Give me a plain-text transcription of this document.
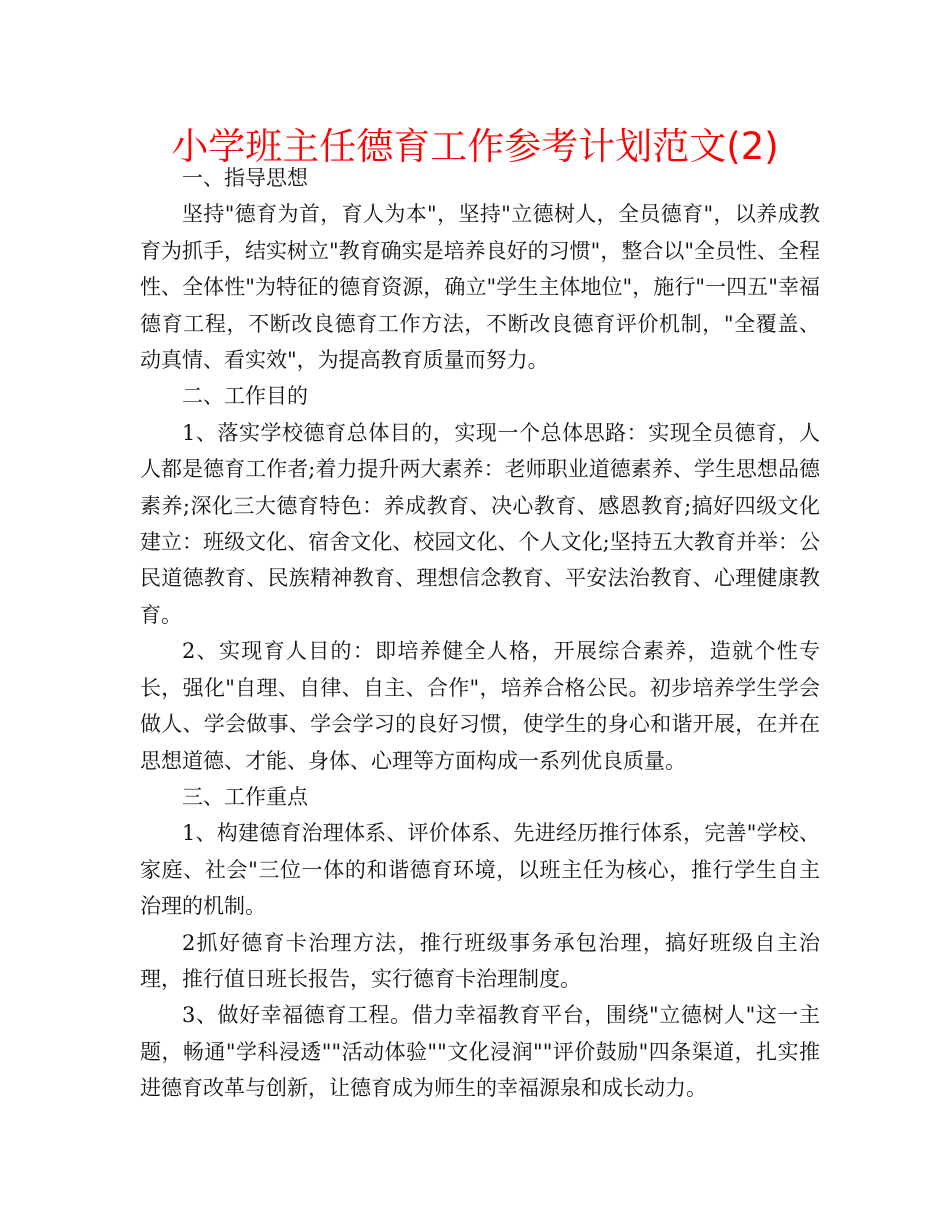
小学班主任德育工作参考计划范文(2)

一、指导思想

坚持"德育为首，育人为本"，坚持"立德树人，全员德育"，以养成教育为抓手，结实树立"教育确实是培养良好的习惯"，整合以"全员性、全程性、全体性"为特征的德育资源，确立"学生主体地位"，施行"一四五"幸福德育工程，不断改良德育工作方法，不断改良德育评价机制，"全覆盖、动真情、看实效"，为提高教育质量而努力。

二、工作目的

1、落实学校德育总体目的，实现一个总体思路：实现全员德育，人人都是德育工作者;着力提升两大素养：老师职业道德素养、学生思想品德素养;深化三大德育特色：养成教育、决心教育、感恩教育;搞好四级文化建立：班级文化、宿舍文化、校园文化、个人文化;坚持五大教育并举：公民道德教育、民族精神教育、理想信念教育、平安法治教育、心理健康教育。

2、实现育人目的：即培养健全人格，开展综合素养，造就个性专长，强化"自理、自律、自主、合作"，培养合格公民。初步培养学生学会做人、学会做事、学会学习的良好习惯，使学生的身心和谐开展，在并在思想道德、才能、身体、心理等方面构成一系列优良质量。

三、工作重点

1、构建德育治理体系、评价体系、先进经历推行体系，完善"学校、家庭、社会"三位一体的和谐德育环境，以班主任为核心，推行学生自主治理的机制。

2抓好德育卡治理方法，推行班级事务承包治理，搞好班级自主治理，推行值日班长报告，实行德育卡治理制度。

3、做好幸福德育工程。借力幸福教育平台，围绕"立德树人"这一主题，畅通"学科浸透""活动体验""文化浸润""评价鼓励"四条渠道，扎实推进德育改革与创新，让德育成为师生的幸福源泉和成长动力。
